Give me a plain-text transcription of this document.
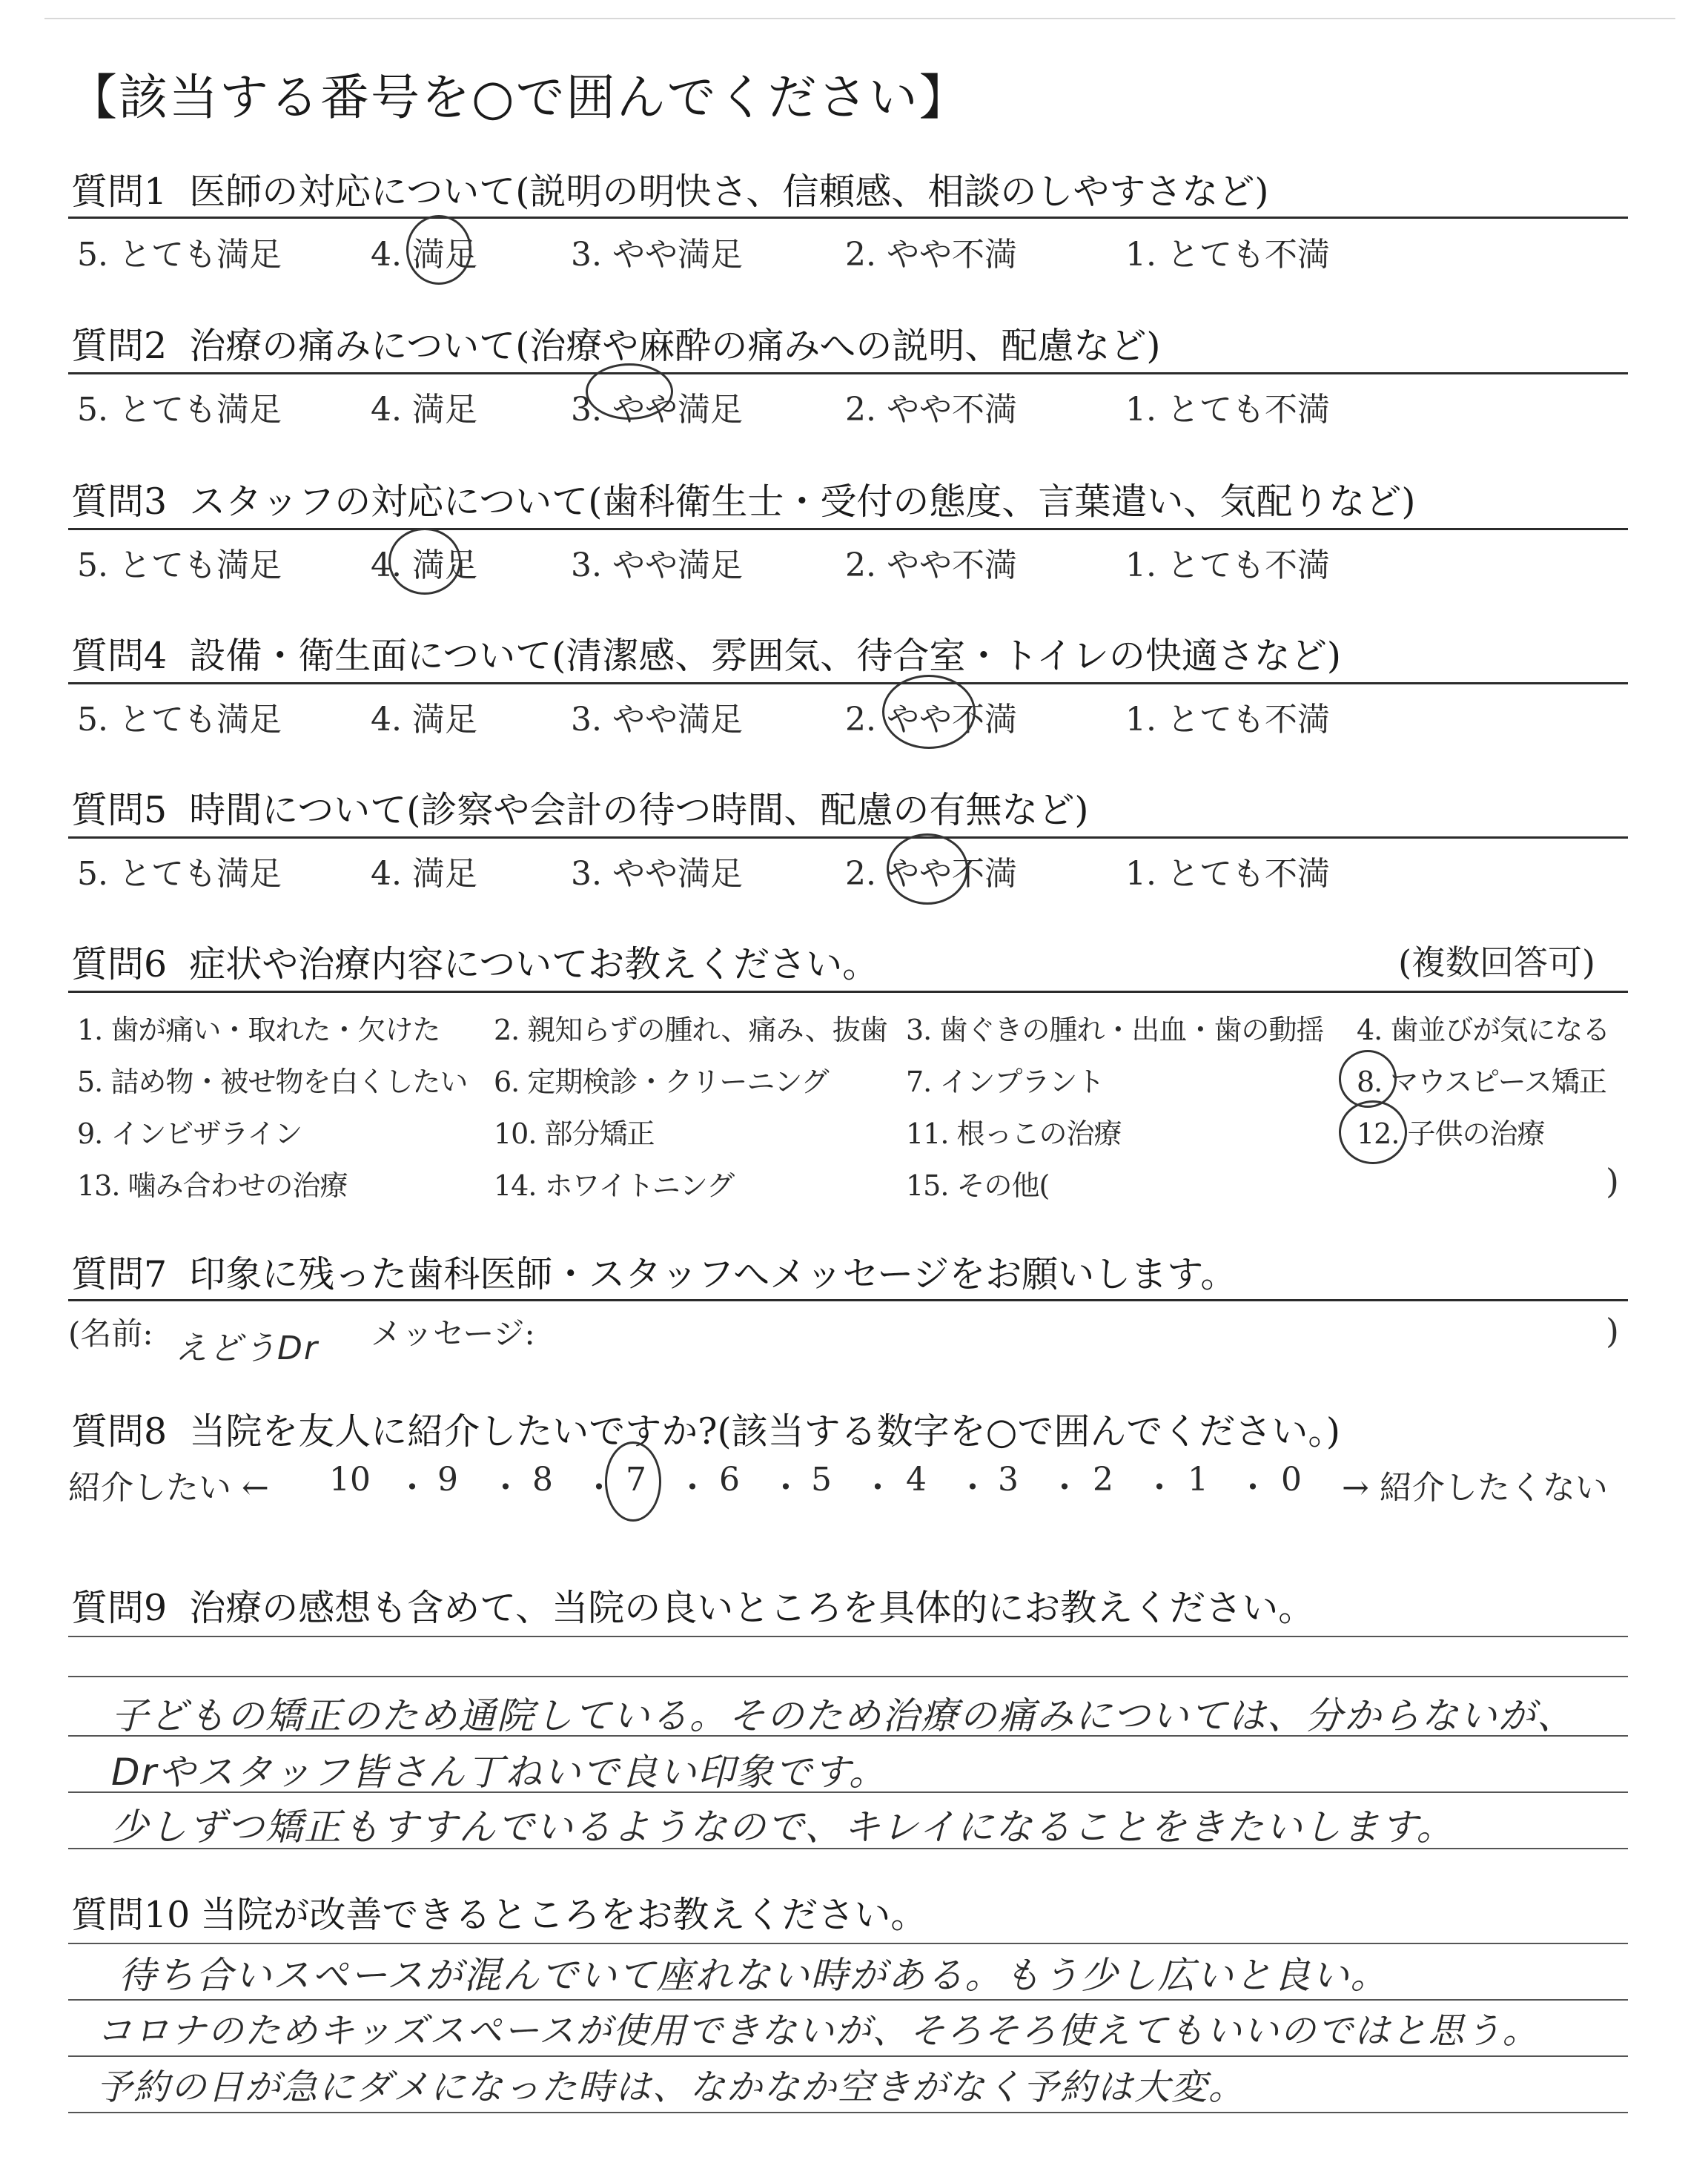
【該当する番号を○で囲んでください】
質問1 医師の対応について(説明の明快さ、信頼感、相談のしやすさなど)
5. とても満足	4. 満足	3. やや満足	2. やや不満	1. とても不満
質問2 治療の痛みについて(治療や麻酔の痛みへの説明、配慮など)
5. とても満足	4. 満足	3. やや満足	2. やや不満	1. とても不満
質問3 スタッフの対応について(歯科衛生士・受付の態度、言葉遣い、気配りなど)
5. とても満足	4. 満足	3. やや満足	2. やや不満	1. とても不満
質問4 設備・衛生面について(清潔感、雰囲気、待合室・トイレの快適さなど)
5. とても満足	4. 満足	3. やや満足	2. やや不満	1. とても不満
質問5 時間について(診察や会計の待つ時間、配慮の有無など)
5. とても満足	4. 満足	3. やや満足	2. やや不満	1. とても不満
質問6 症状や治療内容についてお教えください。	(複数回答可)
1. 歯が痛い・取れた・欠けた 2. 親知らずの腫れ、痛み、抜歯 3. 歯ぐきの腫れ・出血・歯の動揺 4. 歯並びが気になる
5. 詰め物・被せ物を白くしたい 6. 定期検診・クリーニング	7. インプラント	8. マウスピース矯正
9. インビザライン	10. 部分矯正	11. 根っこの治療	12. 子供の治療
13. 噛み合わせの治療	14. ホワイトニング	15. その他(	)
質問7 印象に残った歯科医師・スタッフへメッセージをお願いします。
(名前: えどうDr メッセージ:	)
質問8 当院を友人に紹介したいですか?(該当する数字を○で囲んでください。)
紹介したい ← 10 ・ 9 ・ 8 ・ 7 ・ 6 ・ 5 ・ 4 ・ 3 ・ 2 ・ 1 ・ 0 → 紹介したくない
質問9 治療の感想も含めて、当院の良いところを具体的にお教えください。
子どもの矯正のため通院している。そのため治療の痛みについては、分からないが、
Drやスタッフ皆さん丁ねいで良い印象です。
少しずつ矯正もすすんでいるようなので、キレイになることをきたいします。
質問10 当院が改善できるところをお教えください。
待ち合いスペースが混んでいて座れない時がある。もう少し広いと良い。
コロナのためキッズスペースが使用できないが、そろそろ使えてもいいのではと思う。
予約の日が急にダメになった時は、なかなか空きがなく予約は大変。
